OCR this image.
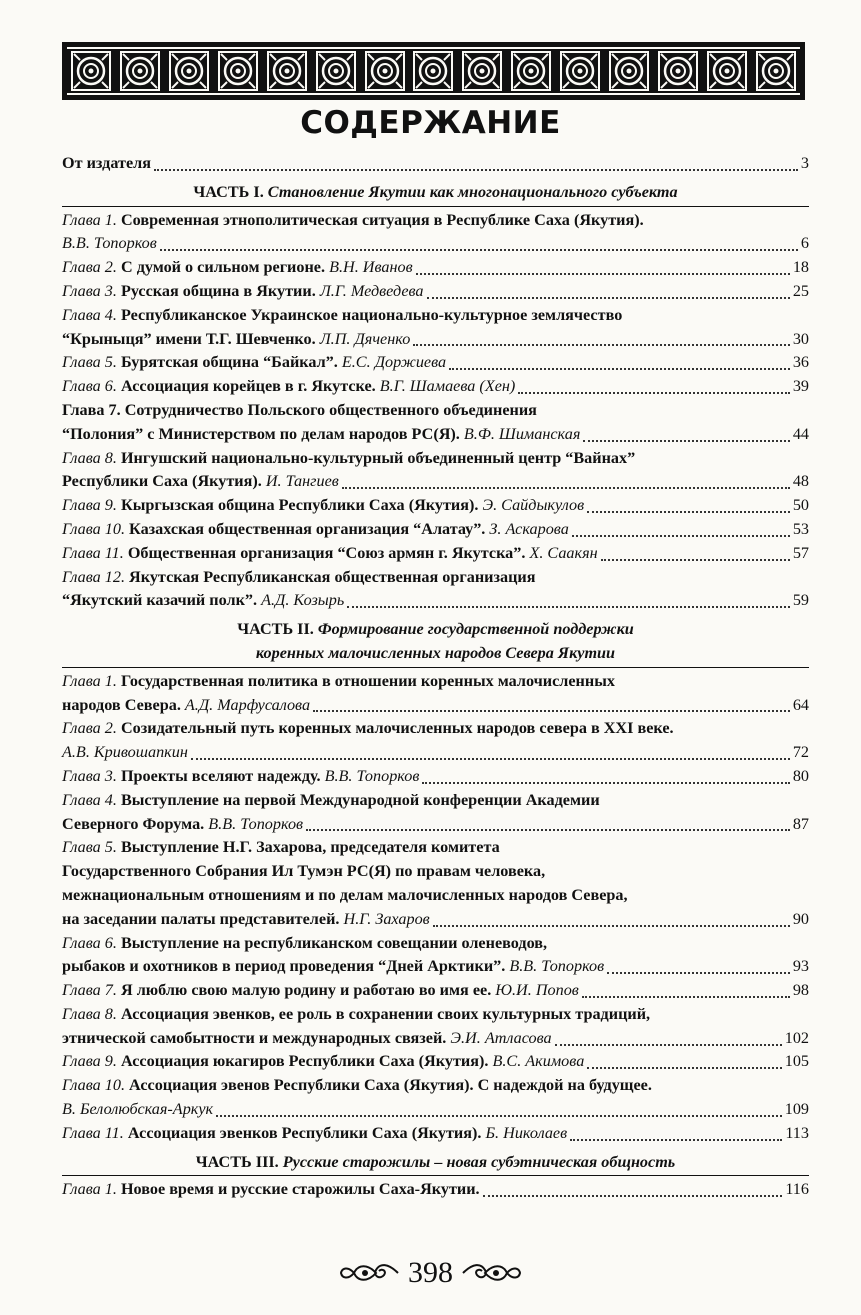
СОДЕРЖАНИЕ
От издателя	3
ЧАСТЬ I. Становление Якутии как многонационального субъекта
Глава 1. Современная этнополитическая ситуация в Республике Саха (Якутия).
В.В. Топорков	6
Глава 2. С думой о сильном регионе. В.Н. Иванов	18
Глава 3. Русская община в Якутии. Л.Г. Медведева	25
Глава 4. Республиканское Украинское национально-культурное землячество
“Крыныця” имени Т.Г. Шевченко. Л.П. Дяченко	30
Глава 5. Бурятская община “Байкал”. Е.С. Доржиева	36
Глава 6. Ассоциация корейцев в г. Якутске. В.Г. Шамаева (Хен)	39
Глава 7. Сотрудничество Польского общественного объединения
“Полония” с Министерством по делам народов РС(Я). В.Ф. Шиманская	44
Глава 8. Ингушский национально-культурный объединенный центр “Вайнах”
Республики Саха (Якутия). И. Тангиев	48
Глава 9. Кыргызская община Республики Саха (Якутия). Э. Сайдыкулов	50
Глава 10. Казахская общественная организация “Алатау”. З. Аскарова	53
Глава 11. Общественная организация “Союз армян г. Якутска”. Х. Саакян	57
Глава 12. Якутская Республиканская общественная организация
“Якутский казачий полк”. А.Д. Козырь	59
ЧАСТЬ II. Формирование государственной поддержки
коренных малочисленных народов Севера Якутии
Глава 1. Государственная политика в отношении коренных малочисленных
народов Севера. А.Д. Марфусалова	64
Глава 2. Созидательный путь коренных малочисленных народов севера в XXI веке.
А.В. Кривошапкин	72
Глава 3. Проекты вселяют надежду. В.В. Топорков	80
Глава 4. Выступление на первой Международной конференции Академии
Северного Форума. В.В. Топорков	87
Глава 5. Выступление Н.Г. Захарова, председателя комитета
Государственного Собрания Ил Тумэн РС(Я) по правам человека,
межнациональным отношениям и по делам малочисленных народов Севера,
на заседании палаты представителей. Н.Г. Захаров	90
Глава 6. Выступление на республиканском совещании оленеводов,
рыбаков и охотников в период проведения “Дней Арктики”. В.В. Топорков	93
Глава 7. Я люблю свою малую родину и работаю во имя ее. Ю.И. Попов	98
Глава 8. Ассоциация эвенков, ее роль в сохранении своих культурных традиций,
этнической самобытности и международных связей. Э.И. Атласова	102
Глава 9. Ассоциация юкагиров Республики Саха (Якутия). В.С. Акимова	105
Глава 10. Ассоциация эвенов Республики Саха (Якутия). С надеждой на будущее.
В. Белолюбская-Аркук	109
Глава 11. Ассоциация эвенков Республики Саха (Якутия). Б. Николаев	113
ЧАСТЬ III. Русские старожилы – новая субэтническая общность
Глава 1. Новое время и русские старожилы Саха-Якутии.	116
398
